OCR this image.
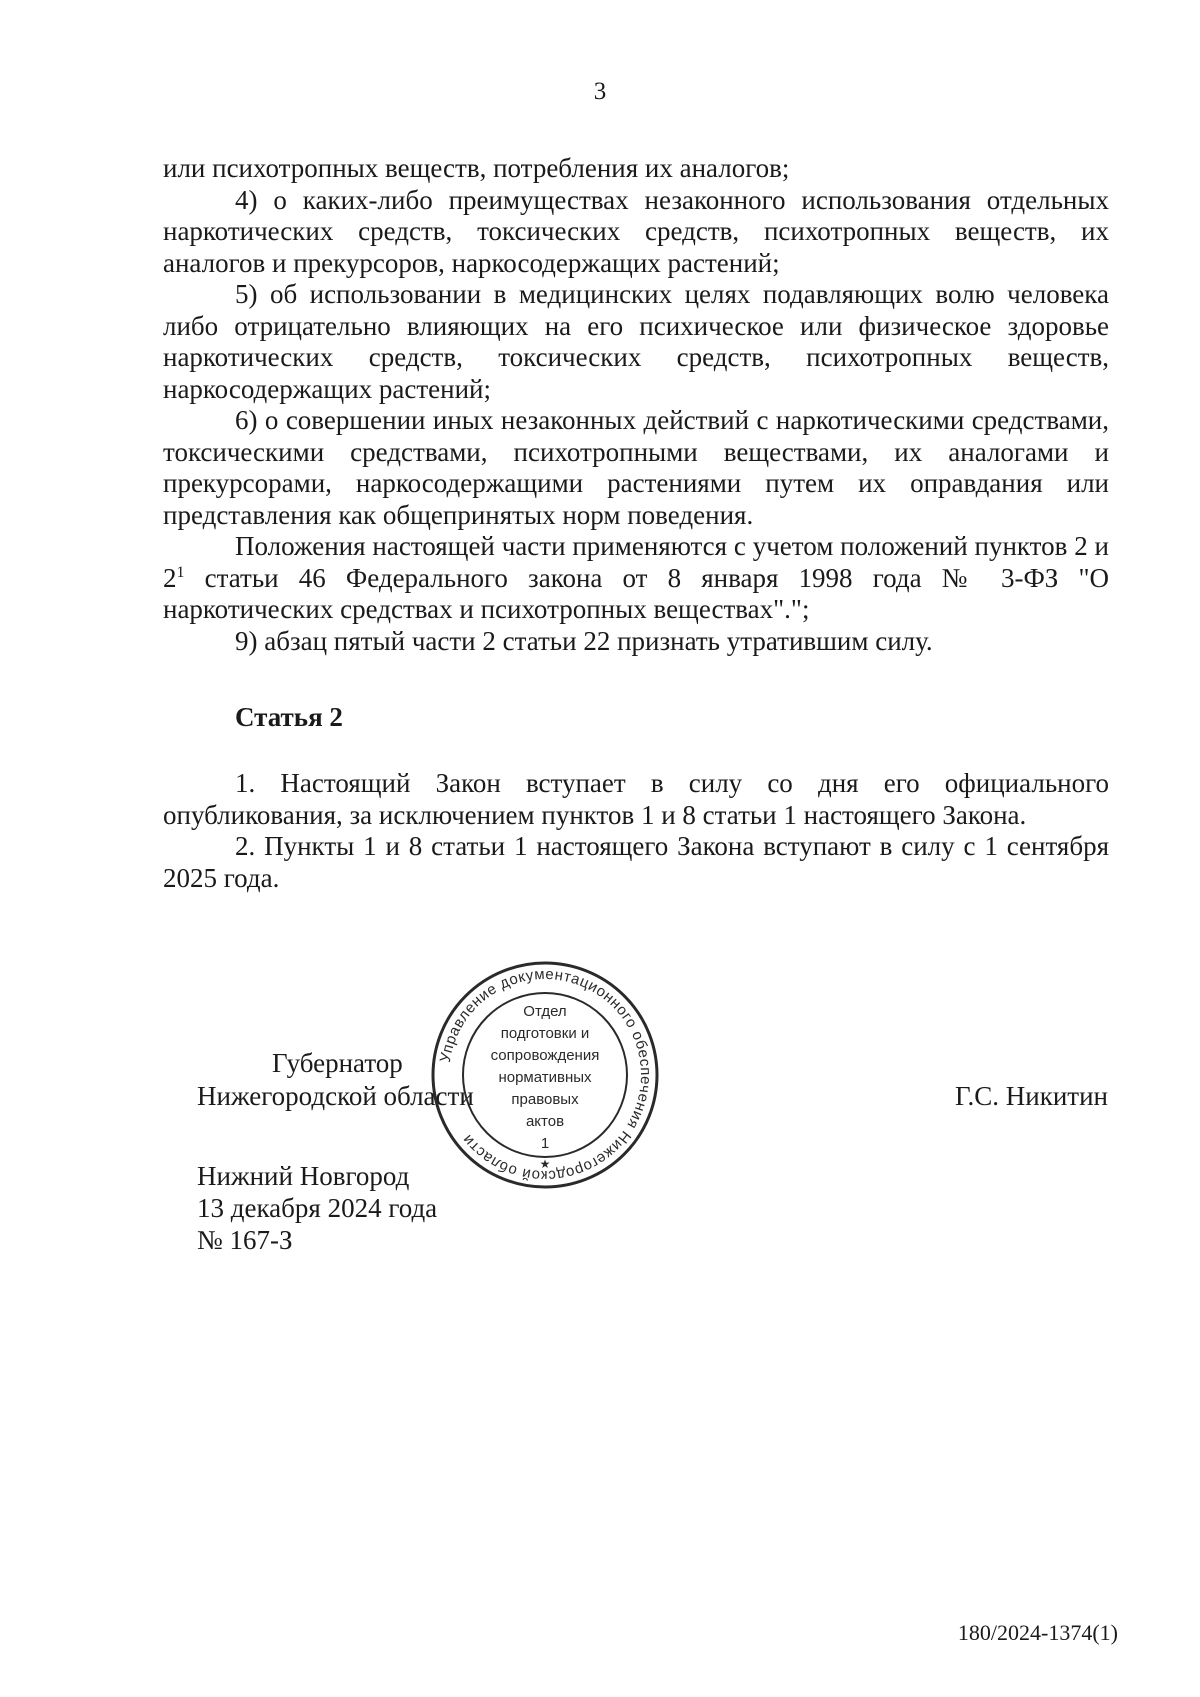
3

или психотропных веществ, потребления их аналогов;

4) о каких-либо преимуществах незаконного использования отдельных наркотических средств, токсических средств, психотропных веществ, их аналогов и прекурсоров, наркосодержащих растений;

5) об использовании в медицинских целях подавляющих волю человека либо отрицательно влияющих на его психическое или физическое здоровье наркотических средств, токсических средств, психотропных веществ, наркосодержащих растений;

6) о совершении иных незаконных действий с наркотическими средствами, токсическими средствами, психотропными веществами, их аналогами и прекурсорами, наркосодержащими растениями путем их оправдания или представления как общепринятых норм поведения.

Положения настоящей части применяются с учетом положений пунктов 2 и $2^1$ статьи 46 Федерального закона от 8 января 1998 года № 3-ФЗ "О наркотических средствах и психотропных веществах".";

9) абзац пятый части 2 статьи 22 признать утратившим силу.

Статья 2

1. Настоящий Закон вступает в силу со дня его официального опубликования, за исключением пунктов 1 и 8 статьи 1 настоящего Закона.

2. Пункты 1 и 8 статьи 1 настоящего Закона вступают в силу с 1 сентября 2025 года.

Губернатор
Нижегородской области	Г.С. Никитин
Управление документационного обеспечения Нижегородской области
Отдел
подготовки и
сопровождения
нормативных
правовых
актов
1
★
Нижний Новгород
13 декабря 2024 года
№ 167-З
180/2024-1374(1)
